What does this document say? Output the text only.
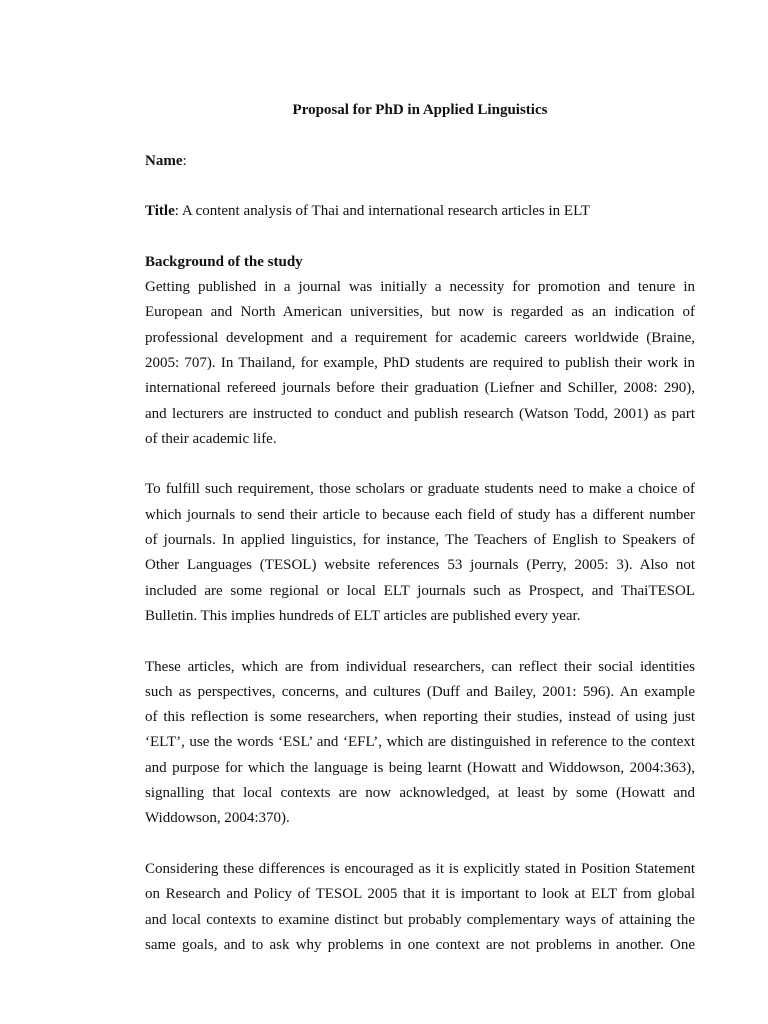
Proposal for PhD in Applied Linguistics
Name:
Title: A content analysis of Thai and international research articles in ELT
Background of the study
Getting published in a journal was initially a necessity for promotion and tenure in
European and North American universities, but now is regarded as an indication of
professional development and a requirement for academic careers worldwide (Braine,
2005: 707). In Thailand, for example, PhD students are required to publish their work in
international refereed journals before their graduation (Liefner and Schiller, 2008: 290),
and lecturers are instructed to conduct and publish research (Watson Todd, 2001) as part
of their academic life.
To fulfill such requirement, those scholars or graduate students need to make a choice of
which journals to send their article to because each field of study has a different number
of journals. In applied linguistics, for instance, The Teachers of English to Speakers of
Other Languages (TESOL) website references 53 journals (Perry, 2005: 3). Also not
included are some regional or local ELT journals such as Prospect, and ThaiTESOL
Bulletin. This implies hundreds of ELT articles are published every year.
These articles, which are from individual researchers, can reflect their social identities
such as perspectives, concerns, and cultures (Duff and Bailey, 2001: 596). An example
of this reflection is some researchers, when reporting their studies, instead of using just
‘ELT’, use the words ‘ESL’ and ‘EFL’, which are distinguished in reference to the context
and purpose for which the language is being learnt (Howatt and Widdowson, 2004:363),
signalling that local contexts are now acknowledged, at least by some (Howatt and
Widdowson, 2004:370).
Considering these differences is encouraged as it is explicitly stated in Position Statement
on Research and Policy of TESOL 2005 that it is important to look at ELT from global
and local contexts to examine distinct but probably complementary ways of attaining the
same goals, and to ask why problems in one context are not problems in another. One
